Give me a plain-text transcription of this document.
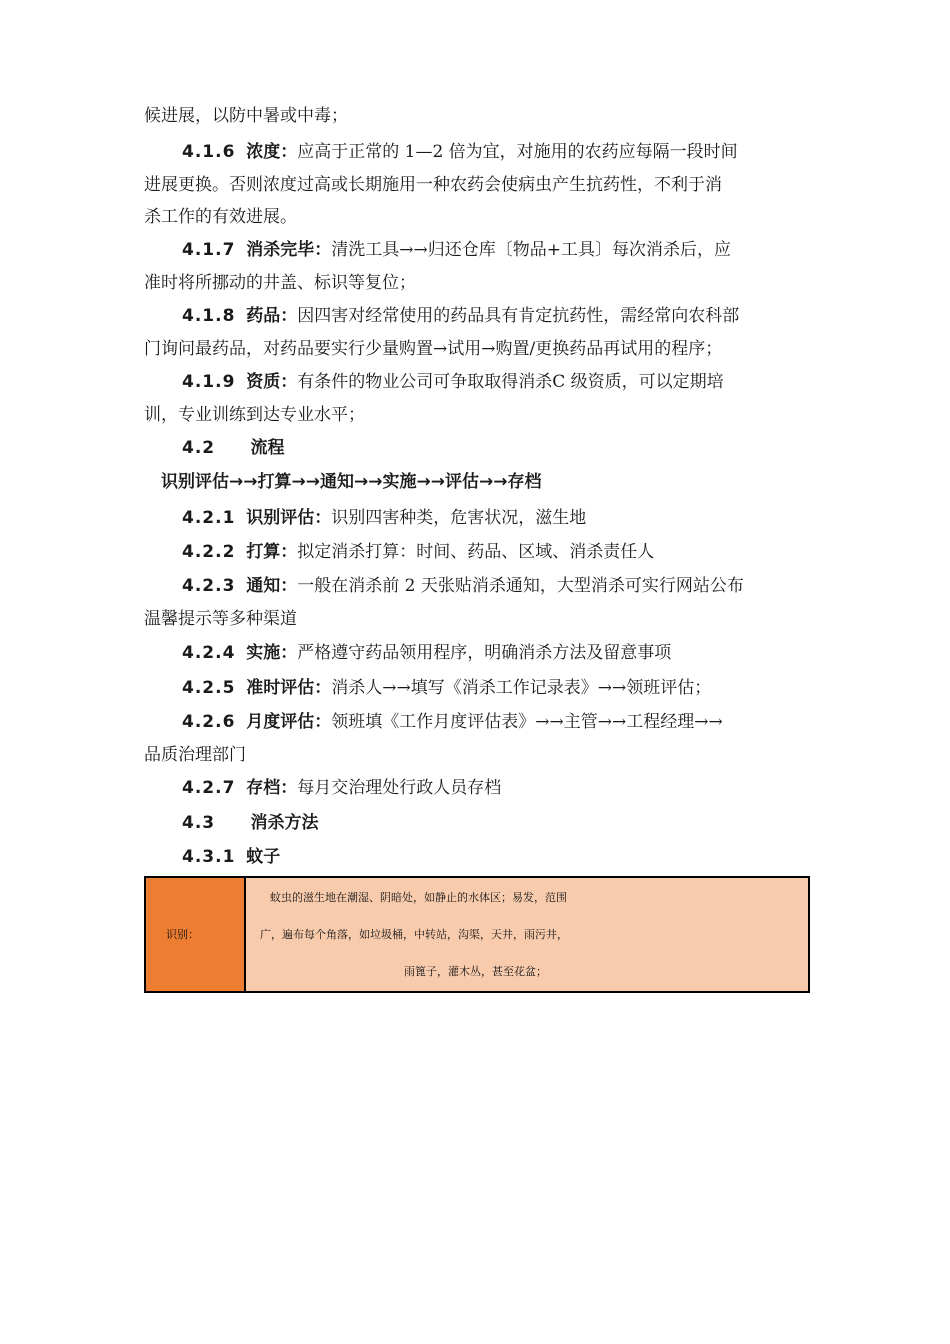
候进展，以防中暑或中毒；
4.1.6 浓度：应高于正常的 1—2 倍为宜，对施用的农药应每隔一段时间
进展更换。否则浓度过高或长期施用一种农药会使病虫产生抗药性，不利于消
杀工作的有效进展。
4.1.7 消杀完毕：清洗工具→→归还仓库〔物品+工具〕每次消杀后，应
准时将所挪动的井盖、标识等复位；
4.1.8 药品：因四害对经常使用的药品具有肯定抗药性，需经常向农科部
门询问最药品，对药品要实行少量购置→试用→购置/更换药品再试用的程序；
4.1.9 资质：有条件的物业公司可争取取得消杀C 级资质，可以定期培
训，专业训练到达专业水平；
4.2 流程
识别评估→→打算→→通知→→实施→→评估→→存档
4.2.1 识别评估：识别四害种类，危害状况，滋生地
4.2.2 打算：拟定消杀打算：时间、药品、区域、消杀责任人
4.2.3 通知：一般在消杀前 2 天张贴消杀通知，大型消杀可实行网站公布
温馨提示等多种渠道
4.2.4 实施：严格遵守药品领用程序，明确消杀方法及留意事项
4.2.5 准时评估：消杀人→→填写《消杀工作记录表》→→领班评估；
4.2.6 月度评估：领班填《工作月度评估表》→→主管→→工程经理→→
品质治理部门
4.2.7 存档：每月交治理处行政人员存档
4.3 消杀方法
4.3.1 蚊子
识别：
蚊虫的滋生地在潮湿、阴暗处，如静止的水体区；易发，范围
广，遍布每个角落，如垃圾桶，中转站，沟渠，天井，雨污井，
雨篦子，灌木丛，甚至花盆；
